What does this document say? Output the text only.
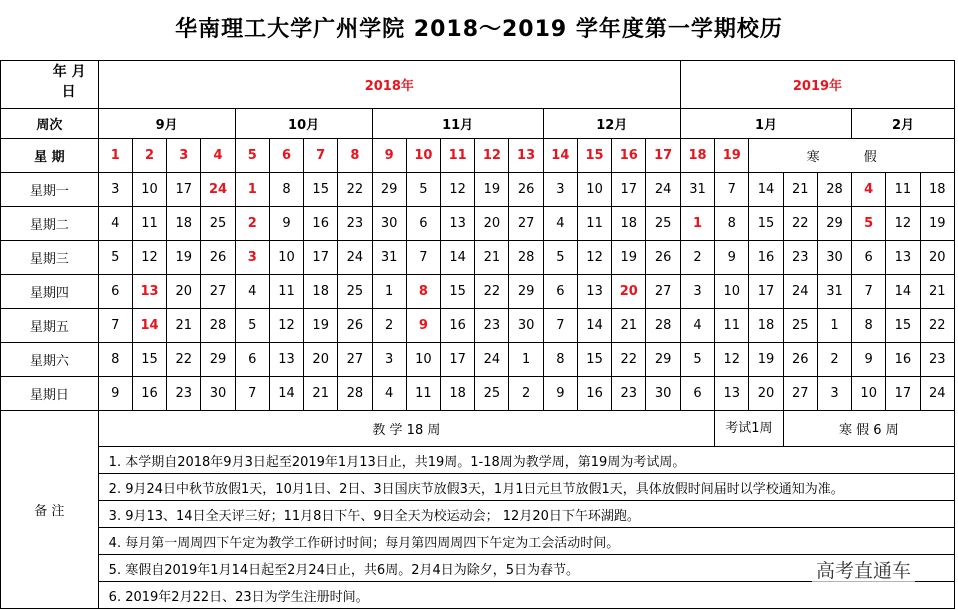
华南理工大学广州学院 2018～2019 学年度第一学期校历
年 月
日	2018年																	2019年							
周次	9月				10月				11月					12月				1月					2月		
星 期	1	2	3	4	5	6	7	8	9	10	11	12	13	14	15	16	17	18	19	寒 假					
星期一	3	10	17	24	1	8	15	22	29	5	12	19	26	3	10	17	24	31	7	14	21	28	4	11	18
星期二	4	11	18	25	2	9	16	23	30	6	13	20	27	4	11	18	25	1	8	15	22	29	5	12	19
星期三	5	12	19	26	3	10	17	24	31	7	14	21	28	5	12	19	26	2	9	16	23	30	6	13	20
星期四	6	13	20	27	4	11	18	25	1	8	15	22	29	6	13	20	27	3	10	17	24	31	7	14	21
星期五	7	14	21	28	5	12	19	26	2	9	16	23	30	7	14	21	28	4	11	18	25	1	8	15	22
星期六	8	15	22	29	6	13	20	27	3	10	17	24	1	8	15	22	29	5	12	19	26	2	9	16	23
星期日	9	16	23	30	7	14	21	28	4	11	18	25	2	9	16	23	30	6	13	20	27	3	10	17	24
备 注	教 学 18 周																		考试1周		寒 假 6 周				
	1. 本学期自2018年9月3日起至2019年1月13日止，共19周。1-18周为教学周，第19周为考试周。																								
	2. 9月24日中秋节放假1天，10月1日、2日、3日国庆节放假3天，1月1日元旦节放假1天，具体放假时间届时以学校通知为准。																								
	3. 9月13、14日全天评三好；11月8日下午、9日全天为校运动会； 12月20日下午环湖跑。																								
	4. 每月第一周周四下午定为教学工作研讨时间；每月第四周周四下午定为工会活动时间。																								
	5. 寒假自2019年1月14日起至2月24日止，共6周。2月4日为除夕，5日为春节。																								
	6. 2019年2月22日、23日为学生注册时间。																								
高考直通车
